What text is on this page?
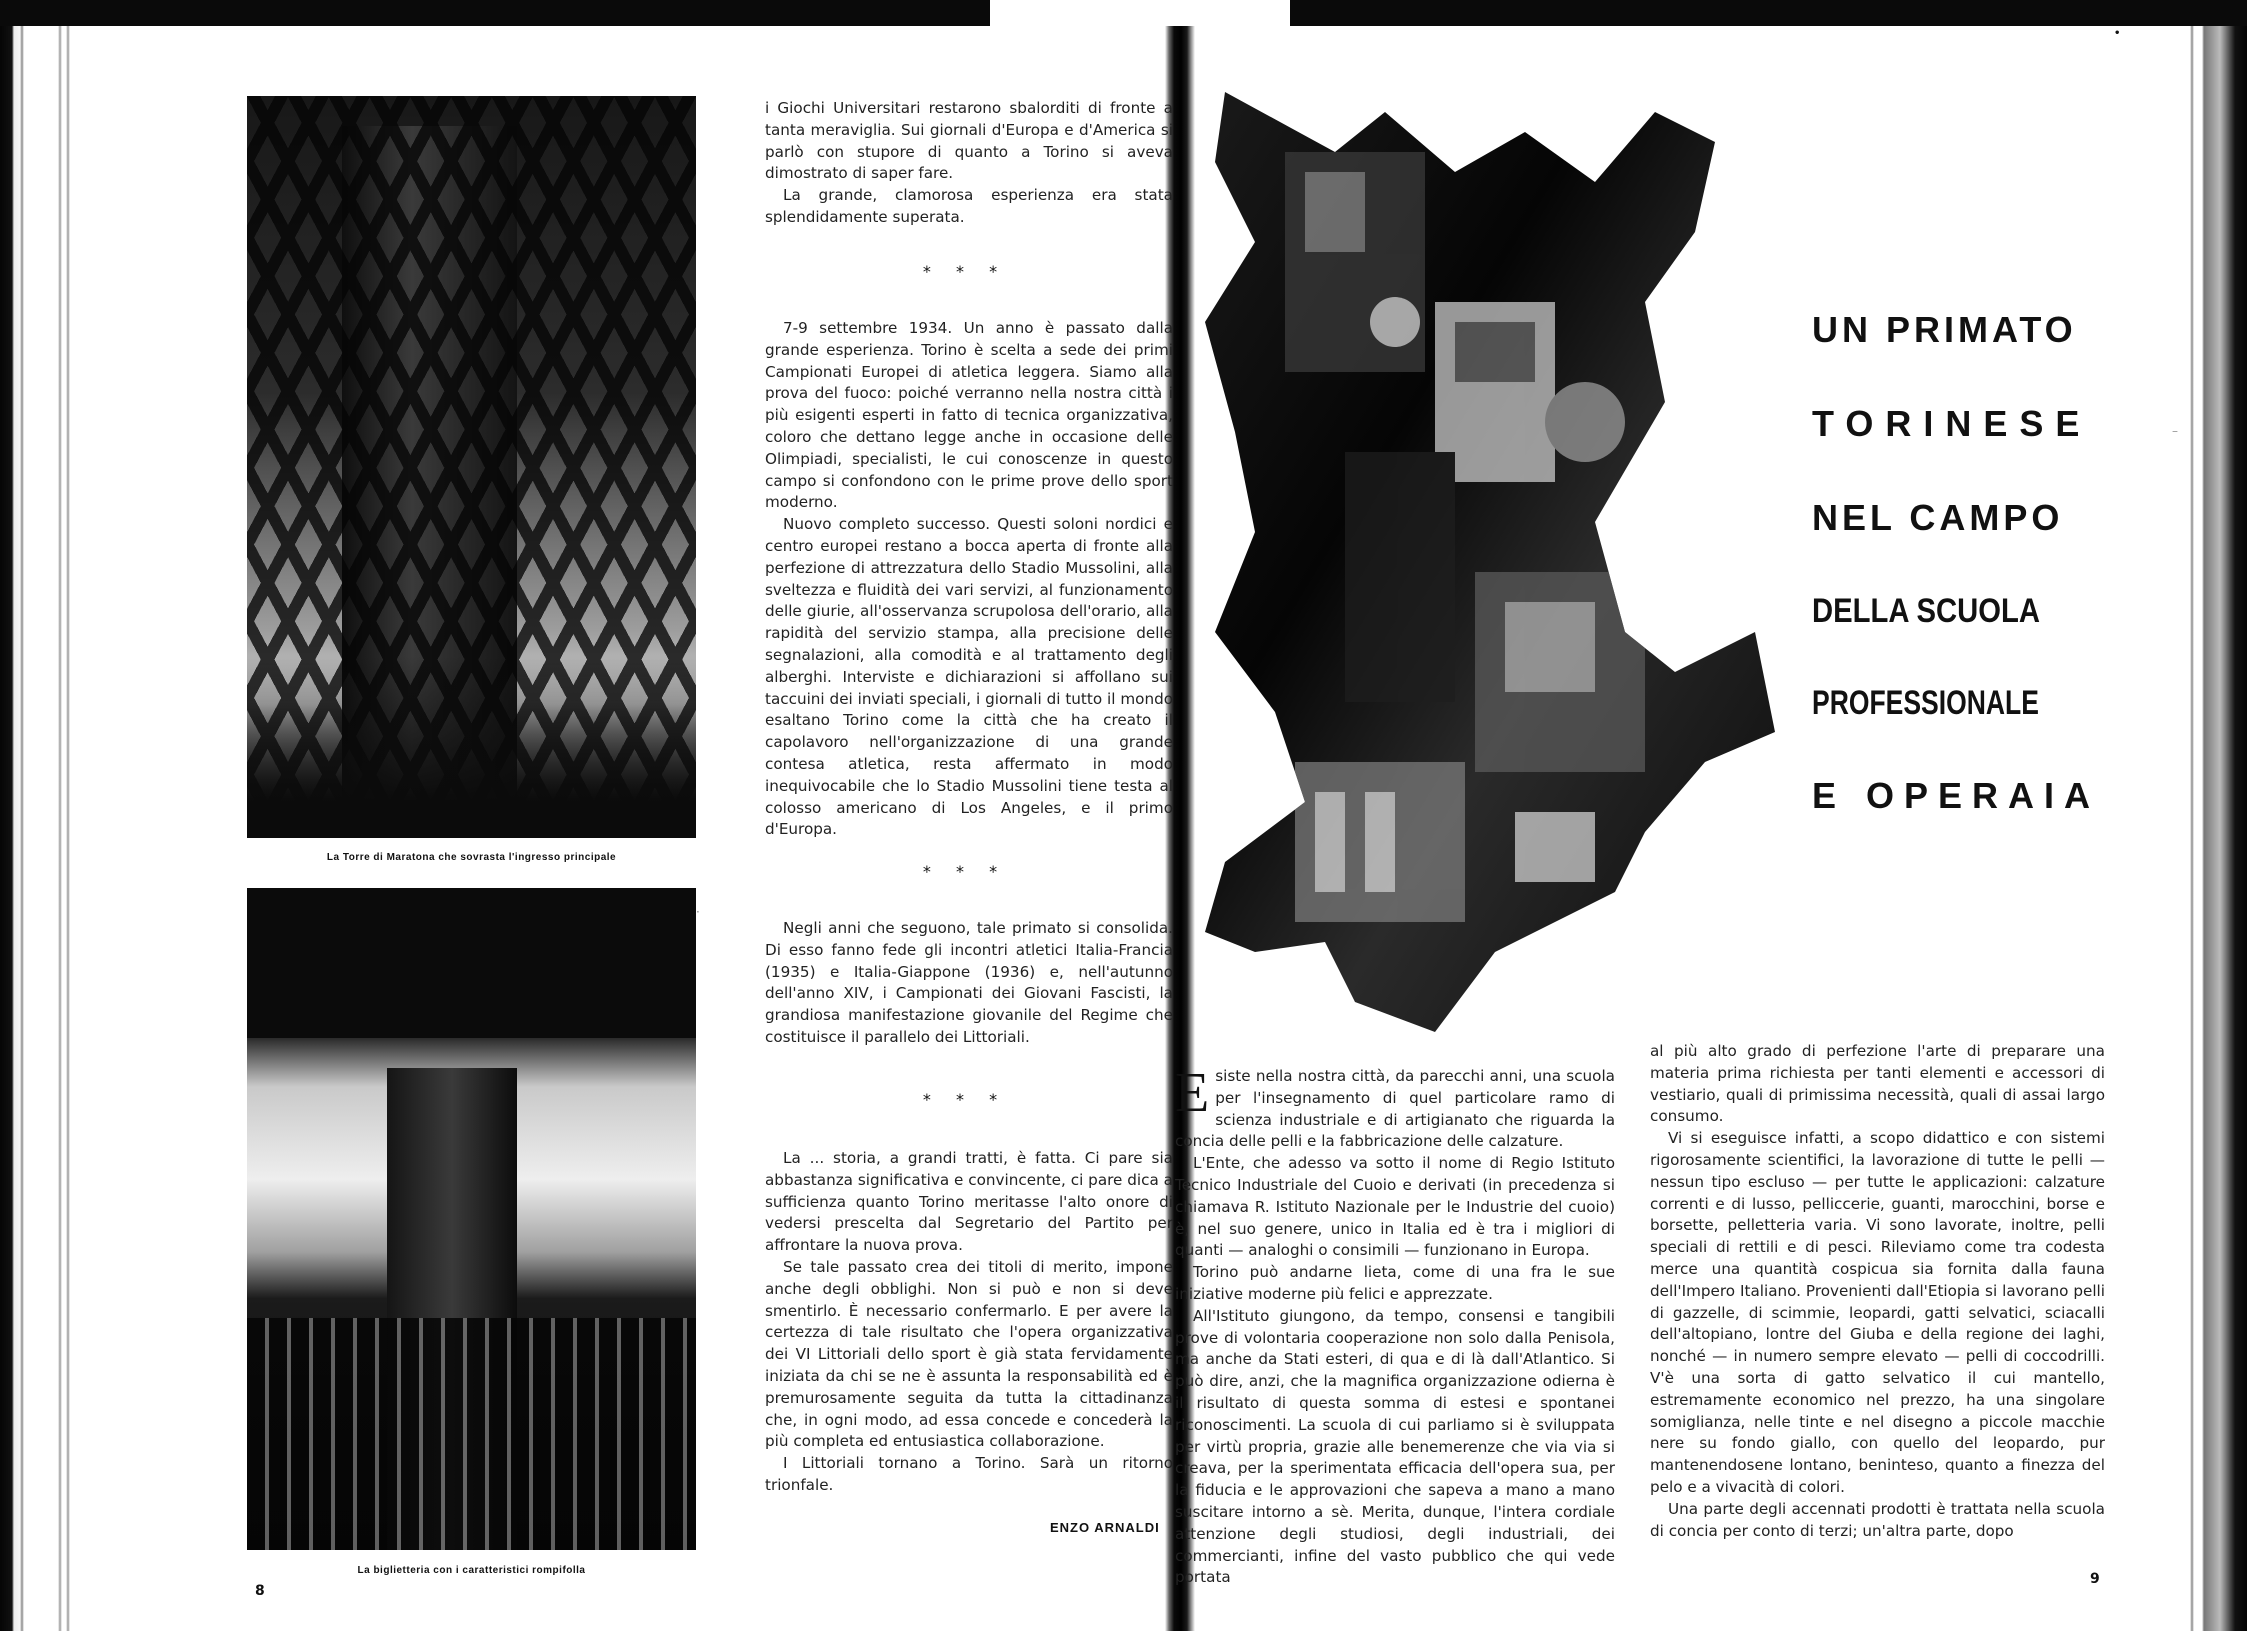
La Torre di Maratona che sovrasta l'ingresso principale
La biglietteria con i caratteristici rompifolla

i Giochi Universitari restarono sbalorditi di fronte a tanta meraviglia. Sui giornali d'Europa e d'America si parlò con stupore di quanto a Torino si aveva dimostrato di saper fare.

La grande, clamorosa esperienza era stata splendidamente superata.

* * *

7-9 settembre 1934. Un anno è passato dalla grande esperienza. Torino è scelta a sede dei primi Campionati Europei di atletica leggera. Siamo alla prova del fuoco: poiché verranno nella nostra città i più esigenti esperti in fatto di tecnica organizzativa, coloro che dettano legge anche in occasione delle Olimpiadi, specialisti, le cui conoscenze in questo campo si confondono con le prime prove dello sport moderno.

Nuovo completo successo. Questi soloni nordici e centro europei restano a bocca aperta di fronte alla perfezione di attrezzatura dello Stadio Mussolini, alla sveltezza e fluidità dei vari servizi, al funzionamento delle giurie, all'osservanza scrupolosa dell'orario, alla rapidità del servizio stampa, alla precisione delle segnalazioni, alla comodità e al trattamento degli alberghi. Interviste e dichiarazioni si affollano sui taccuini dei inviati speciali, i giornali di tutto il mondo esaltano Torino come la città che ha creato il capolavoro nell'organizzazione di una grande contesa atletica, resta affermato in modo inequivocabile che lo Stadio Mussolini tiene testa al colosso americano di Los Angeles, e il primo d'Europa.

* * *

Negli anni che seguono, tale primato si consolida. Di esso fanno fede gli incontri atletici Italia-Francia (1935) e Italia-Giappone (1936) e, nell'autunno dell'anno XIV, i Campionati dei Giovani Fascisti, la grandiosa manifestazione giovanile del Regime che costituisce il parallelo dei Littoriali.

* * *

La ... storia, a grandi tratti, è fatta. Ci pare sia abbastanza significativa e convincente, ci pare dica a sufficienza quanto Torino meritasse l'alto onore di vedersi prescelta dal Segretario del Partito per affrontare la nuova prova.

Se tale passato crea dei titoli di merito, impone anche degli obblighi. Non si può e non si deve smentirlo. È necessario confermarlo. E per avere la certezza di tale risultato che l'opera organizzativa dei VI Littoriali dello sport è già stata fervidamente iniziata da chi se ne è assunta la responsabilità ed è premurosamente seguita da tutta la cittadinanza che, in ogni modo, ad essa concede e concederà la più completa ed entusiastica collaborazione.

I Littoriali tornano a Torino. Sarà un ritorno trionfale.

ENZO ARNALDI
8
·
UN PRIMATO
TORINESE
NEL CAMPO
DELLA SCUOLA
PROFESSIONALE
E OPERAIA

Esiste nella nostra città, da parecchi anni, una scuola per l'insegnamento di quel particolare ramo di scienza industriale e di artigianato che riguarda la concia delle pelli e la fabbricazione delle calzature.

L'Ente, che adesso va sotto il nome di Regio Istituto Tecnico Industriale del Cuoio e derivati (in precedenza si chiamava R. Istituto Nazionale per le Industrie del cuoio) è, nel suo genere, unico in Italia ed è tra i migliori di quanti — analoghi o consimili — funzionano in Europa.

Torino può andarne lieta, come di una fra le sue iniziative moderne più felici e apprezzate.

All'Istituto giungono, da tempo, consensi e tangibili prove di volontaria cooperazione non solo dalla Penisola, ma anche da Stati esteri, di qua e di là dall'Atlantico. Si può dire, anzi, che la magnifica organizzazione odierna è il risultato di questa somma di estesi e spontanei riconoscimenti. La scuola di cui parliamo si è sviluppata per virtù propria, grazie alle benemerenze che via via si creava, per la sperimentata efficacia dell'opera sua, per la fiducia e le approvazioni che sapeva a mano a mano suscitare intorno a sè. Merita, dunque, l'intera cordiale attenzione degli studiosi, degli industriali, dei commercianti, infine del vasto pubblico che qui vede portata

al più alto grado di perfezione l'arte di preparare una materia prima richiesta per tanti elementi e accessori di vestiario, quali di primissima necessità, quali di assai largo consumo.

Vi si eseguisce infatti, a scopo didattico e con sistemi rigorosamente scientifici, la lavorazione di tutte le pelli — nessun tipo escluso — per tutte le applicazioni: calzature correnti e di lusso, pelliccerie, guanti, marocchini, borse e borsette, pelletteria varia. Vi sono lavorate, inoltre, pelli speciali di rettili e di pesci. Rileviamo come tra codesta merce una quantità cospicua sia fornita dalla fauna dell'Impero Italiano. Provenienti dall'Etiopia si lavorano pelli di gazzelle, di scimmie, leopardi, gatti selvatici, sciacalli dell'altopiano, lontre del Giuba e della regione dei laghi, nonché — in numero sempre elevato — pelli di coccodrilli. V'è una sorta di gatto selvatico il cui mantello, estremamente economico nel prezzo, ha una singolare somiglianza, nelle tinte e nel disegno a piccole macchie nere su fondo giallo, con quello del leopardo, pur mantenendosene lontano, beninteso, quanto a finezza del pelo e a vivacità di colori.

Una parte degli accennati prodotti è trattata nella scuola di concia per conto di terzi; un'altra parte, dopo

9
•
–
